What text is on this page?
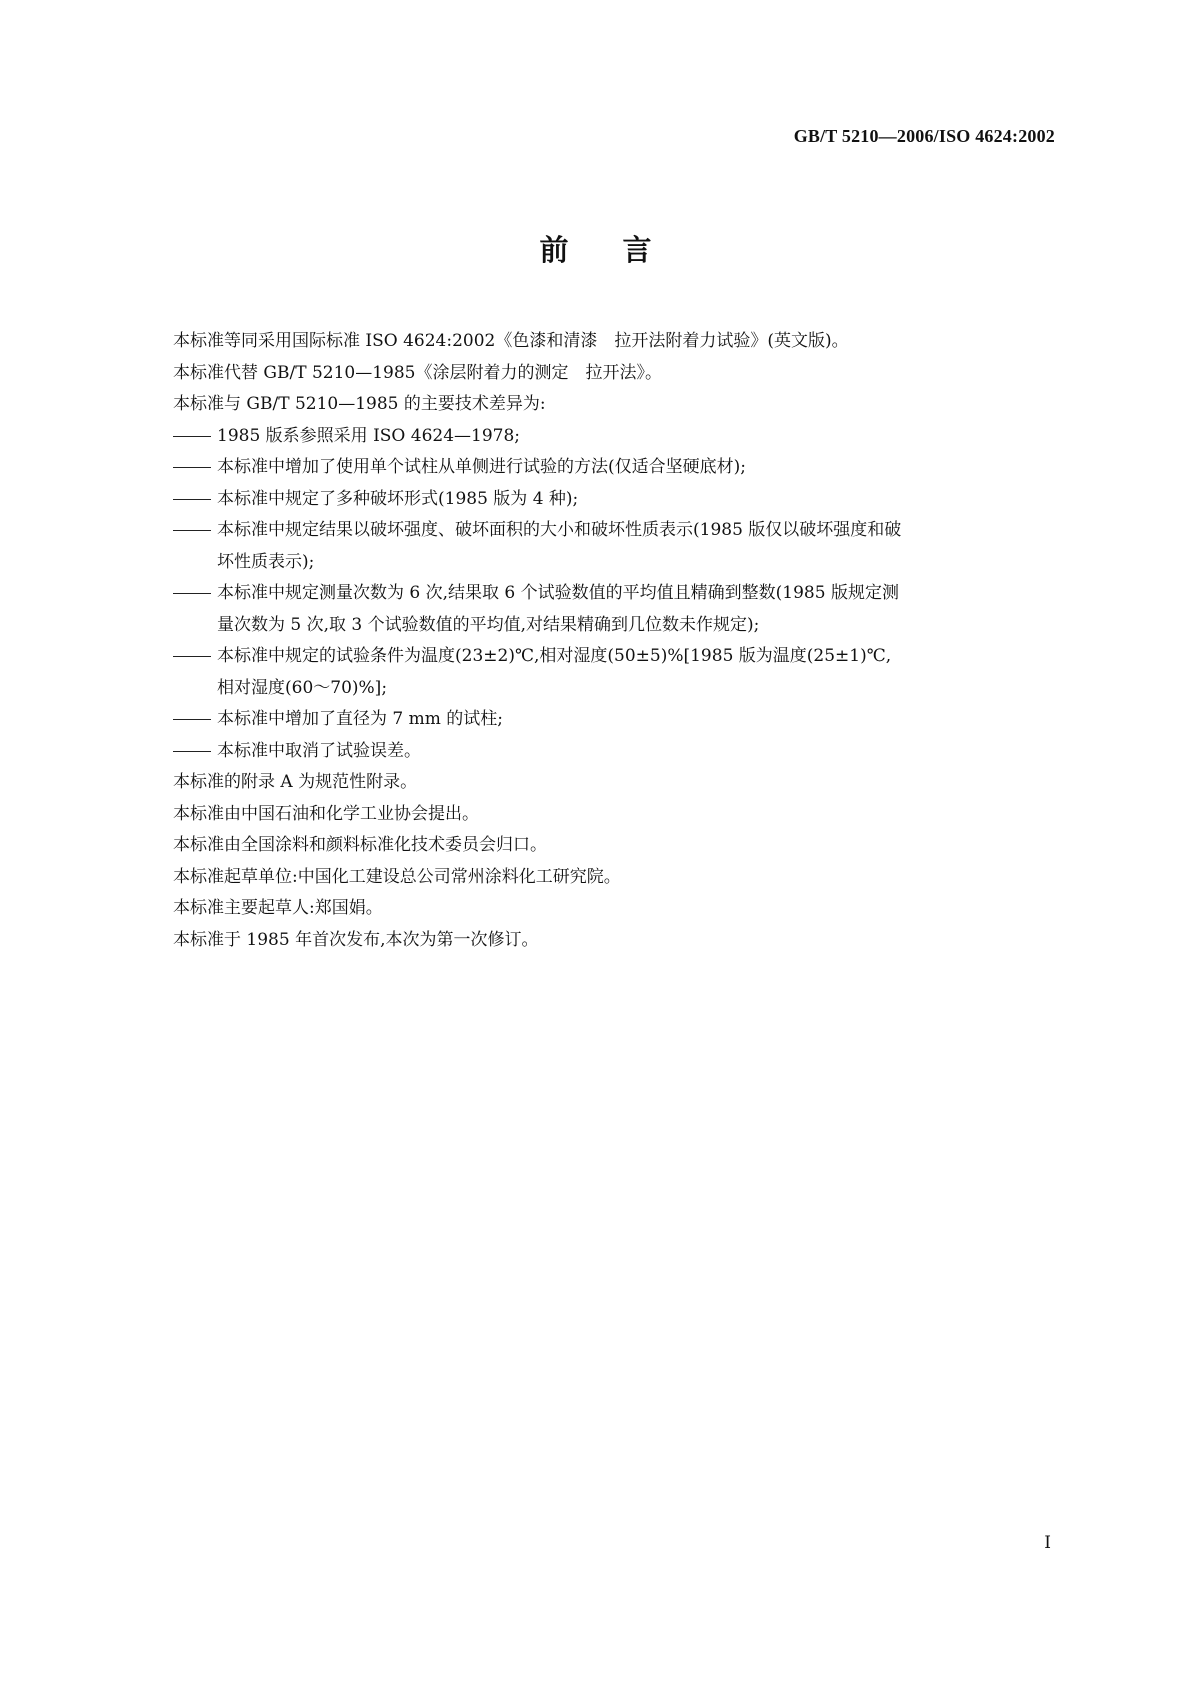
GB/T 5210—2006/ISO 4624:2002
前言

本标准等同采用国际标准 ISO 4624:2002《色漆和清漆　拉开法附着力试验》(英文版)。

本标准代替 GB/T 5210—1985《涂层附着力的测定　拉开法》。

本标准与 GB/T 5210—1985 的主要技术差异为:

1985 版系参照采用 ISO 4624—1978;
本标准中增加了使用单个试柱从单侧进行试验的方法(仅适合坚硬底材);
本标准中规定了多种破坏形式(1985 版为 4 种);
本标准中规定结果以破坏强度、破坏面积的大小和破坏性质表示(1985 版仅以破坏强度和破
坏性质表示);
本标准中规定测量次数为 6 次,结果取 6 个试验数值的平均值且精确到整数(1985 版规定测
量次数为 5 次,取 3 个试验数值的平均值,对结果精确到几位数未作规定);
本标准中规定的试验条件为温度(23±2)℃,相对湿度(50±5)%[1985 版为温度(25±1)℃,
相对湿度(60～70)%];
本标准中增加了直径为 7 mm 的试柱;
本标准中取消了试验误差。

本标准的附录 A 为规范性附录。

本标准由中国石油和化学工业协会提出。

本标准由全国涂料和颜料标准化技术委员会归口。

本标准起草单位:中国化工建设总公司常州涂料化工研究院。

本标准主要起草人:郑国娟。

本标准于 1985 年首次发布,本次为第一次修订。

I
